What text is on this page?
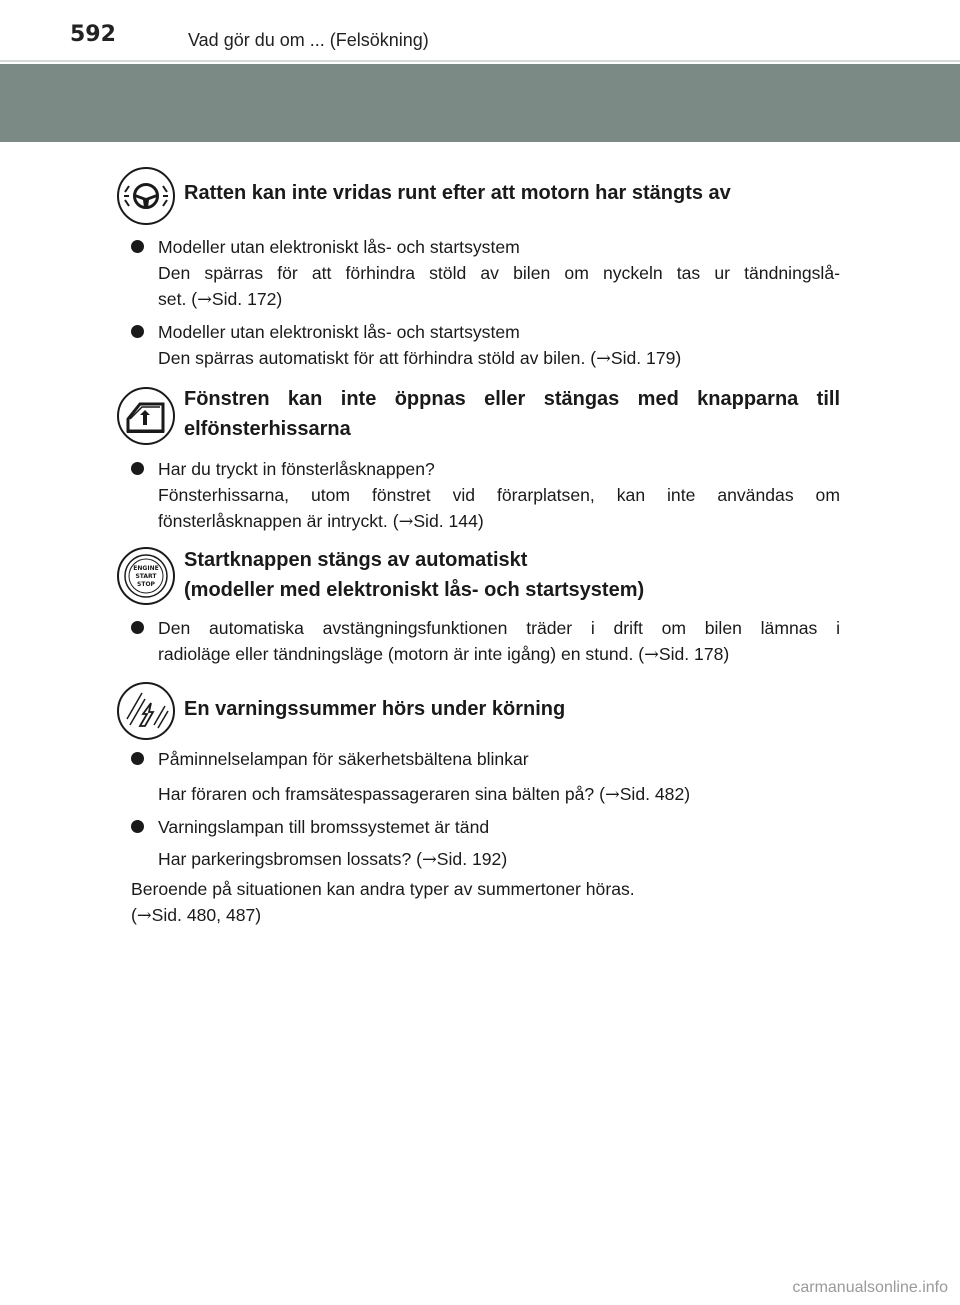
592	Vad gör du om ... (Felsökning)
Ratten kan inte vridas runt efter att motorn har stängts av
Modeller utan elektroniskt lås- och startsystem
Den spärras för att förhindra stöld av bilen om nyckeln tas ur tändningslå-
set. (→Sid. 172)
Modeller utan elektroniskt lås- och startsystem
Den spärras automatiskt för att förhindra stöld av bilen. (→Sid. 179)
Fönstren kan inte öppnas eller stängas med knapparna till
elfönsterhissarna
Har du tryckt in fönsterlåsknappen?
Fönsterhissarna, utom fönstret vid förarplatsen, kan inte användas om
fönsterlåsknappen är intryckt. (→Sid. 144)
ENGINE
START
STOP
Startknappen stängs av automatiskt
(modeller med elektroniskt lås- och startsystem)
Den automatiska avstängningsfunktionen träder i drift om bilen lämnas i
radioläge eller tändningsläge (motorn är inte igång) en stund. (→Sid. 178)
En varningssummer hörs under körning
Påminnelselampan för säkerhetsbältena blinkar
Har föraren och framsätespassageraren sina bälten på? (→Sid. 482)
Varningslampan till bromssystemet är tänd
Har parkeringsbromsen lossats? (→Sid. 192)
Beroende på situationen kan andra typer av summertoner höras.
(→Sid. 480, 487)
carmanualsonline.info
